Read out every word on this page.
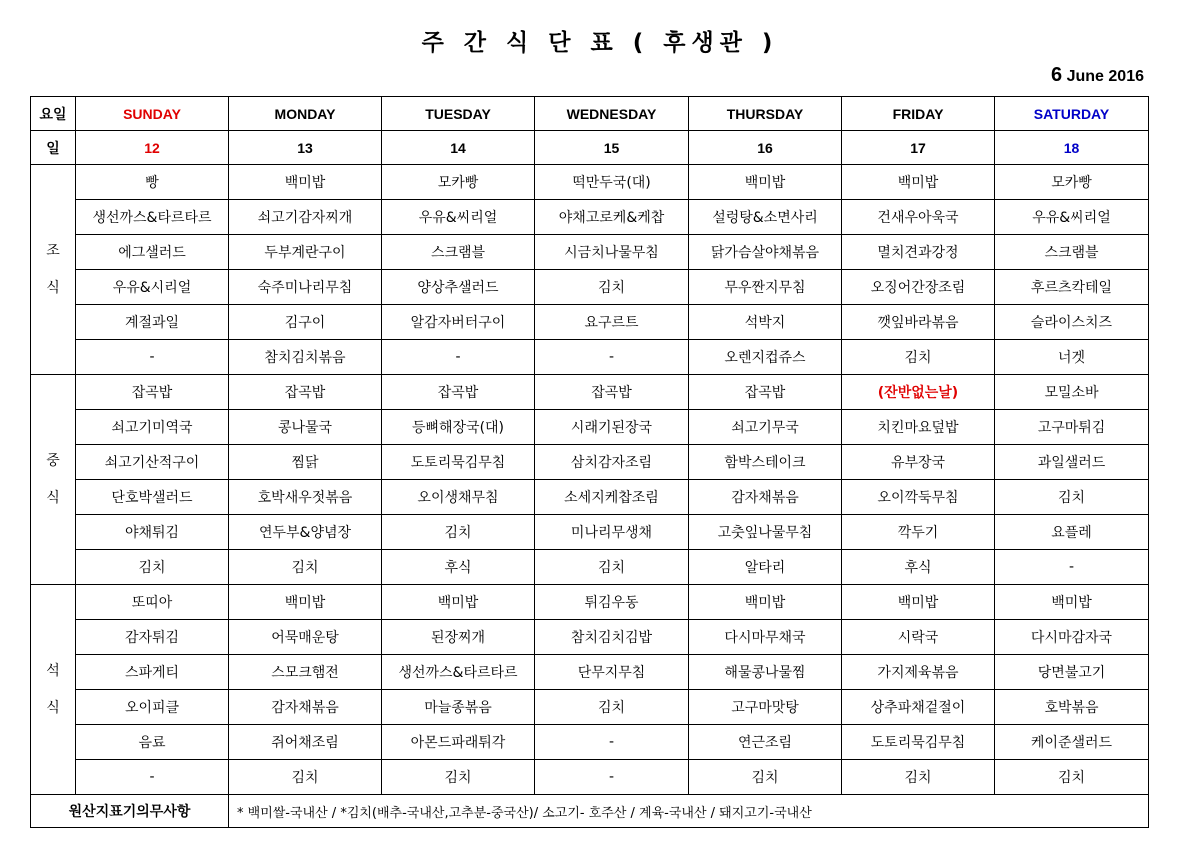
주 간 식 단 표 ( 후생관 )
6 June 2016
요일	SUNDAY	MONDAY	TUESDAY	WEDNESDAY	THURSDAY	FRIDAY	SATURDAY
일	12	13	14	15	16	17	18

조
식	빵	백미밥	모카빵	떡만두국(대)	백미밥	백미밥	모카빵
	생선까스&타르타르	쇠고기감자찌개	우유&씨리얼	야채고로케&케찹	설렁탕&소면사리	건새우아욱국	우유&씨리얼
	에그샐러드	두부계란구이	스크램블	시금치나물무침	닭가슴살야채볶음	멸치견과강정	스크램블
	우유&시리얼	숙주미나리무침	양상추샐러드	김치	무우짠지무침	오징어간장조림	후르츠칵테일
	계절과일	김구이	알감자버터구이	요구르트	석박지	깻잎바라볶음	슬라이스치즈
	-	참치김치볶음	-	-	오렌지컵쥬스	김치	너겟

중
식	잡곡밥	잡곡밥	잡곡밥	잡곡밥	잡곡밥	(잔반없는날)	모밀소바
	쇠고기미역국	콩나물국	등뼈해장국(대)	시래기된장국	쇠고기무국	치킨마요덮밥	고구마튀김
	쇠고기산적구이	찜닭	도토리묵김무침	삼치감자조림	함박스테이크	유부장국	과일샐러드
	단호박샐러드	호박새우젓볶음	오이생채무침	소세지케찹조림	감자채볶음	오이깍둑무침	김치
	야채튀김	연두부&양념장	김치	미나리무생채	고춧잎나물무침	깍두기	요플레
	김치	김치	후식	김치	알타리	후식	-

석
식	또띠아	백미밥	백미밥	튀김우동	백미밥	백미밥	백미밥
	감자튀김	어묵매운탕	된장찌개	참치김치김밥	다시마무채국	시락국	다시마감자국
	스파게티	스모크햄전	생선까스&타르타르	단무지무침	해물콩나물찜	가지제육볶음	당면불고기
	오이피클	감자채볶음	마늘종볶음	김치	고구마맛탕	상추파채겉절이	호박볶음
	음료	쥐어채조림	아몬드파래튀각	-	연근조림	도토리묵김무침	케이준샐러드
	-	김치	김치	-	김치	김치	김치
원산지표기의무사항		* 백미쌀-국내산 / *김치(배추-국내산,고추분-중국산)/ 소고기- 호주산 / 계육-국내산 / 돼지고기-국내산					
